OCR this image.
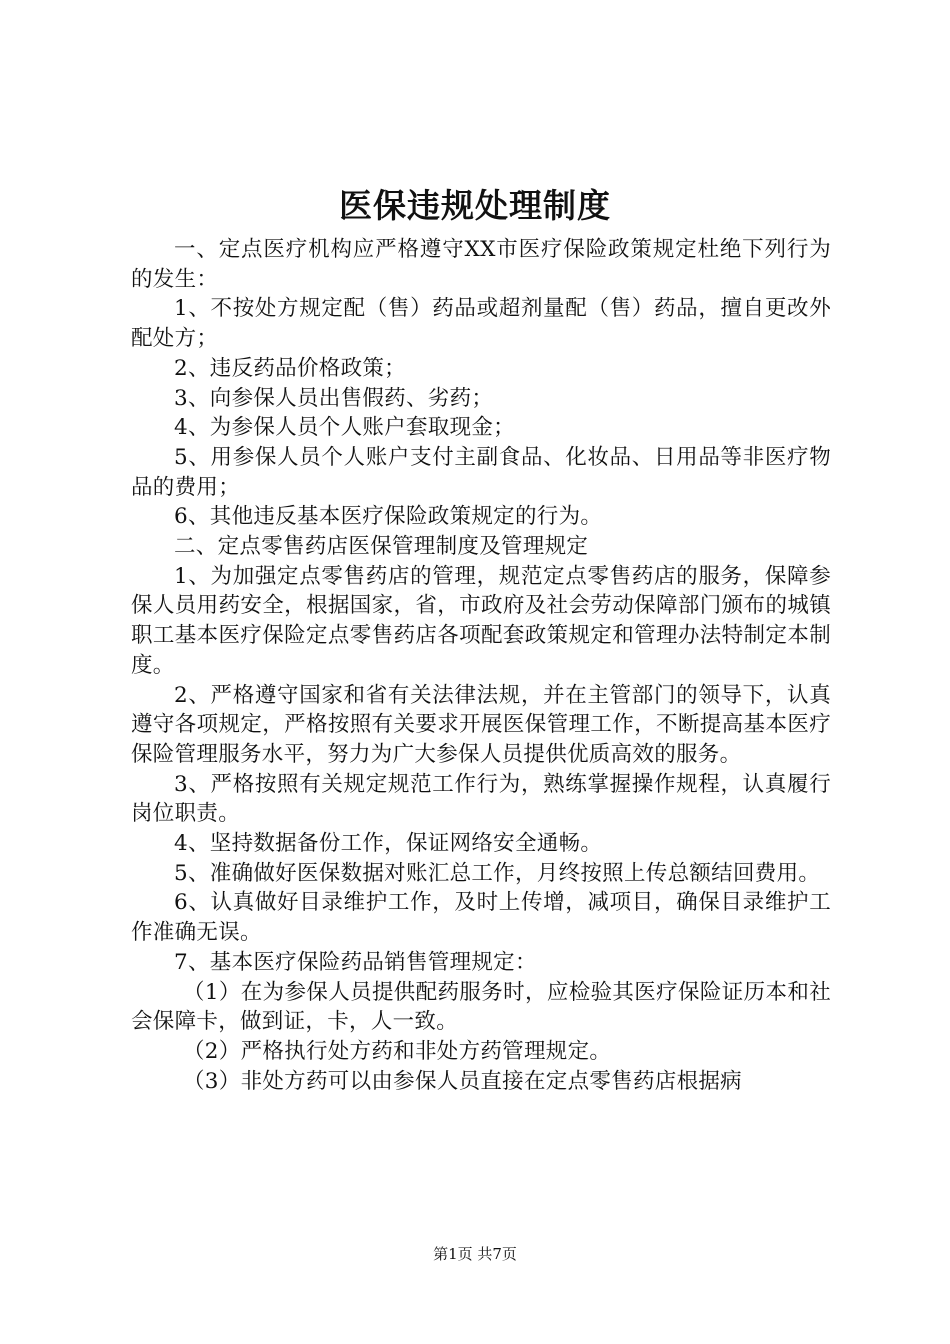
医保违规处理制度

一、定点医疗机构应严格遵守XX市医疗保险政策规定杜绝下列行为的发生：

1、不按处方规定配（售）药品或超剂量配（售）药品，擅自更改外配处方；

2、违反药品价格政策；

3、向参保人员出售假药、劣药；

4、为参保人员个人账户套取现金；

5、用参保人员个人账户支付主副食品、化妆品、日用品等非医疗物品的费用；

6、其他违反基本医疗保险政策规定的行为。

二、定点零售药店医保管理制度及管理规定

1、为加强定点零售药店的管理，规范定点零售药店的服务，保障参保人员用药安全，根据国家，省，市政府及社会劳动保障部门颁布的城镇职工基本医疗保险定点零售药店各项配套政策规定和管理办法特制定本制度。

2、严格遵守国家和省有关法律法规，并在主管部门的领导下，认真遵守各项规定，严格按照有关要求开展医保管理工作，不断提高基本医疗保险管理服务水平，努力为广大参保人员提供优质高效的服务。

3、严格按照有关规定规范工作行为，熟练掌握操作规程，认真履行岗位职责。

4、坚持数据备份工作，保证网络安全通畅。

5、准确做好医保数据对账汇总工作，月终按照上传总额结回费用。

6、认真做好目录维护工作，及时上传增，减项目，确保目录维护工作准确无误。

7、基本医疗保险药品销售管理规定：

（1）在为参保人员提供配药服务时，应检验其医疗保险证历本和社会保障卡，做到证，卡，人一致。

（2）严格执行处方药和非处方药管理规定。

（3）非处方药可以由参保人员直接在定点零售药店根据病

第1页 共7页
